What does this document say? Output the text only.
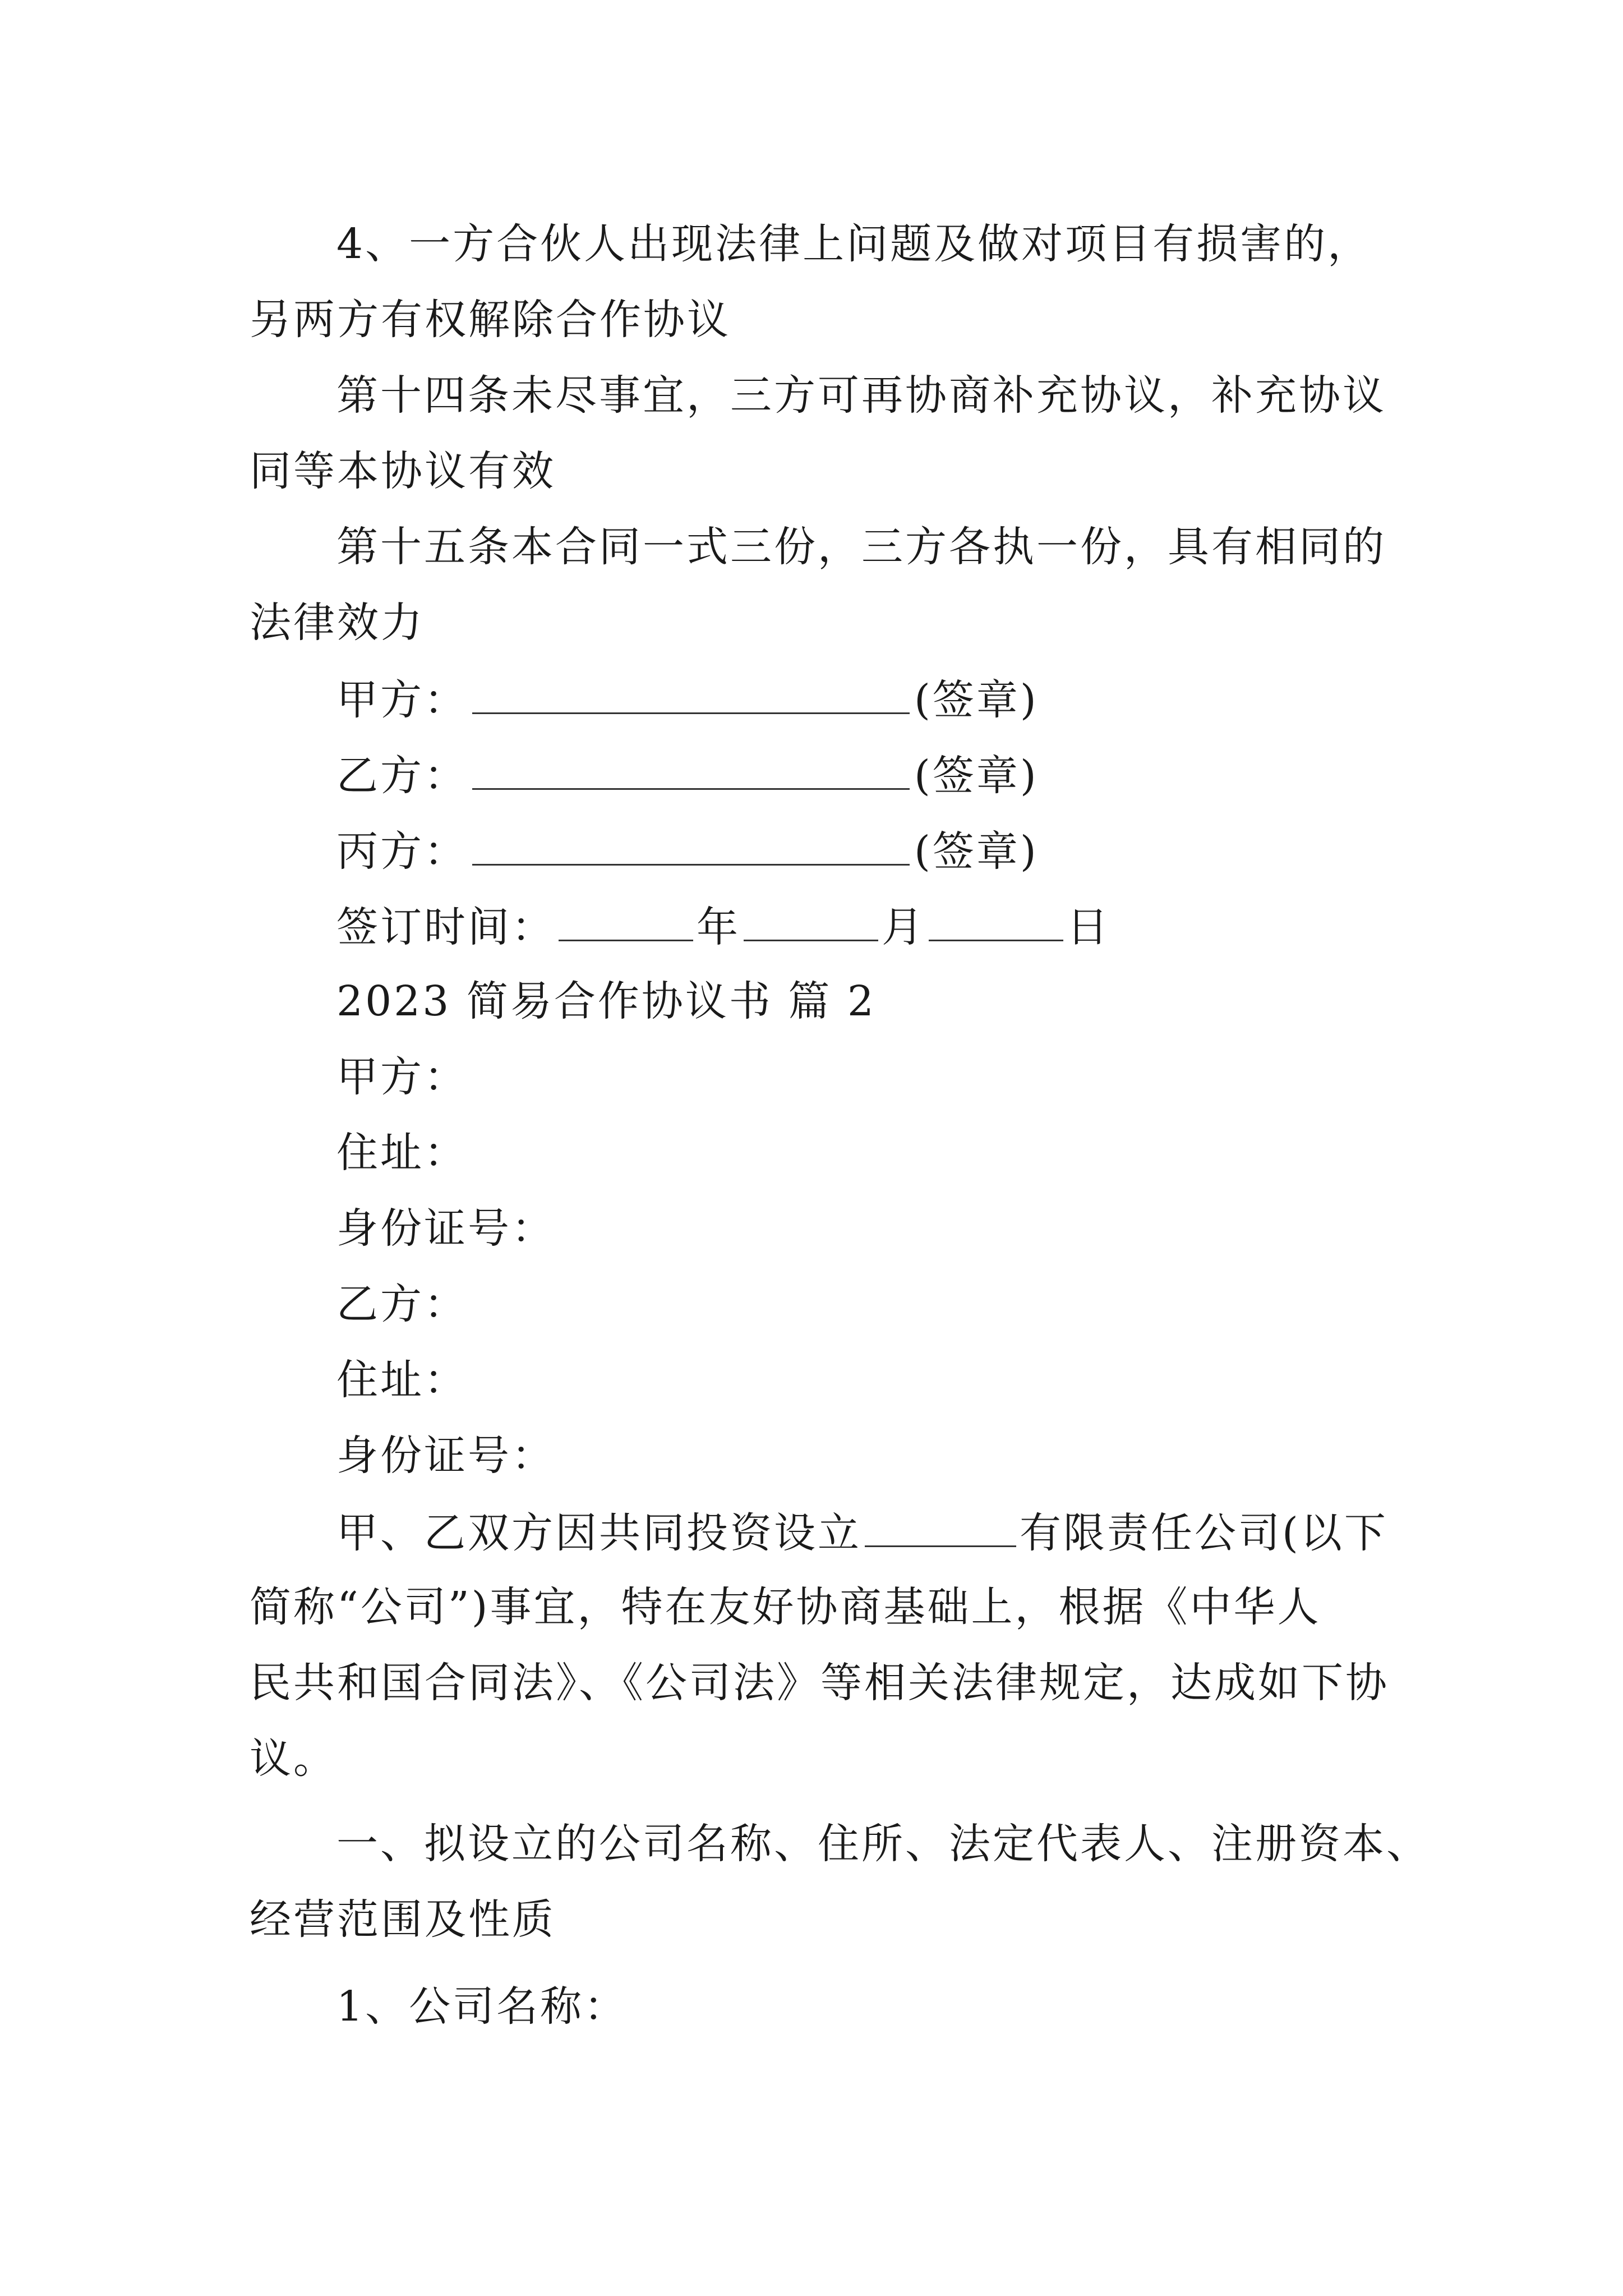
4、一方合伙人出现法律上问题及做对项目有损害的，
另两方有权解除合作协议
第十四条未尽事宜，三方可再协商补充协议，补充协议
同等本协议有效
第十五条本合同一式三份，三方各执一份，具有相同的
法律效力
甲方：	(签章)
乙方：	(签章)
丙方：	(签章)
签订时间：	年	月	日
2023 简易合作协议书 篇 2
甲方：
住址：
身份证号：
乙方：
住址：
身份证号：
甲、乙双方因共同投资设立	有限责任公司(以下
简称“公司”)事宜，特在友好协商基础上，根据《中华人
民共和国合同法》、《公司法》等相关法律规定，达成如下协
议。
一、拟设立的公司名称、住所、法定代表人、注册资本、
经营范围及性质
1、公司名称：
